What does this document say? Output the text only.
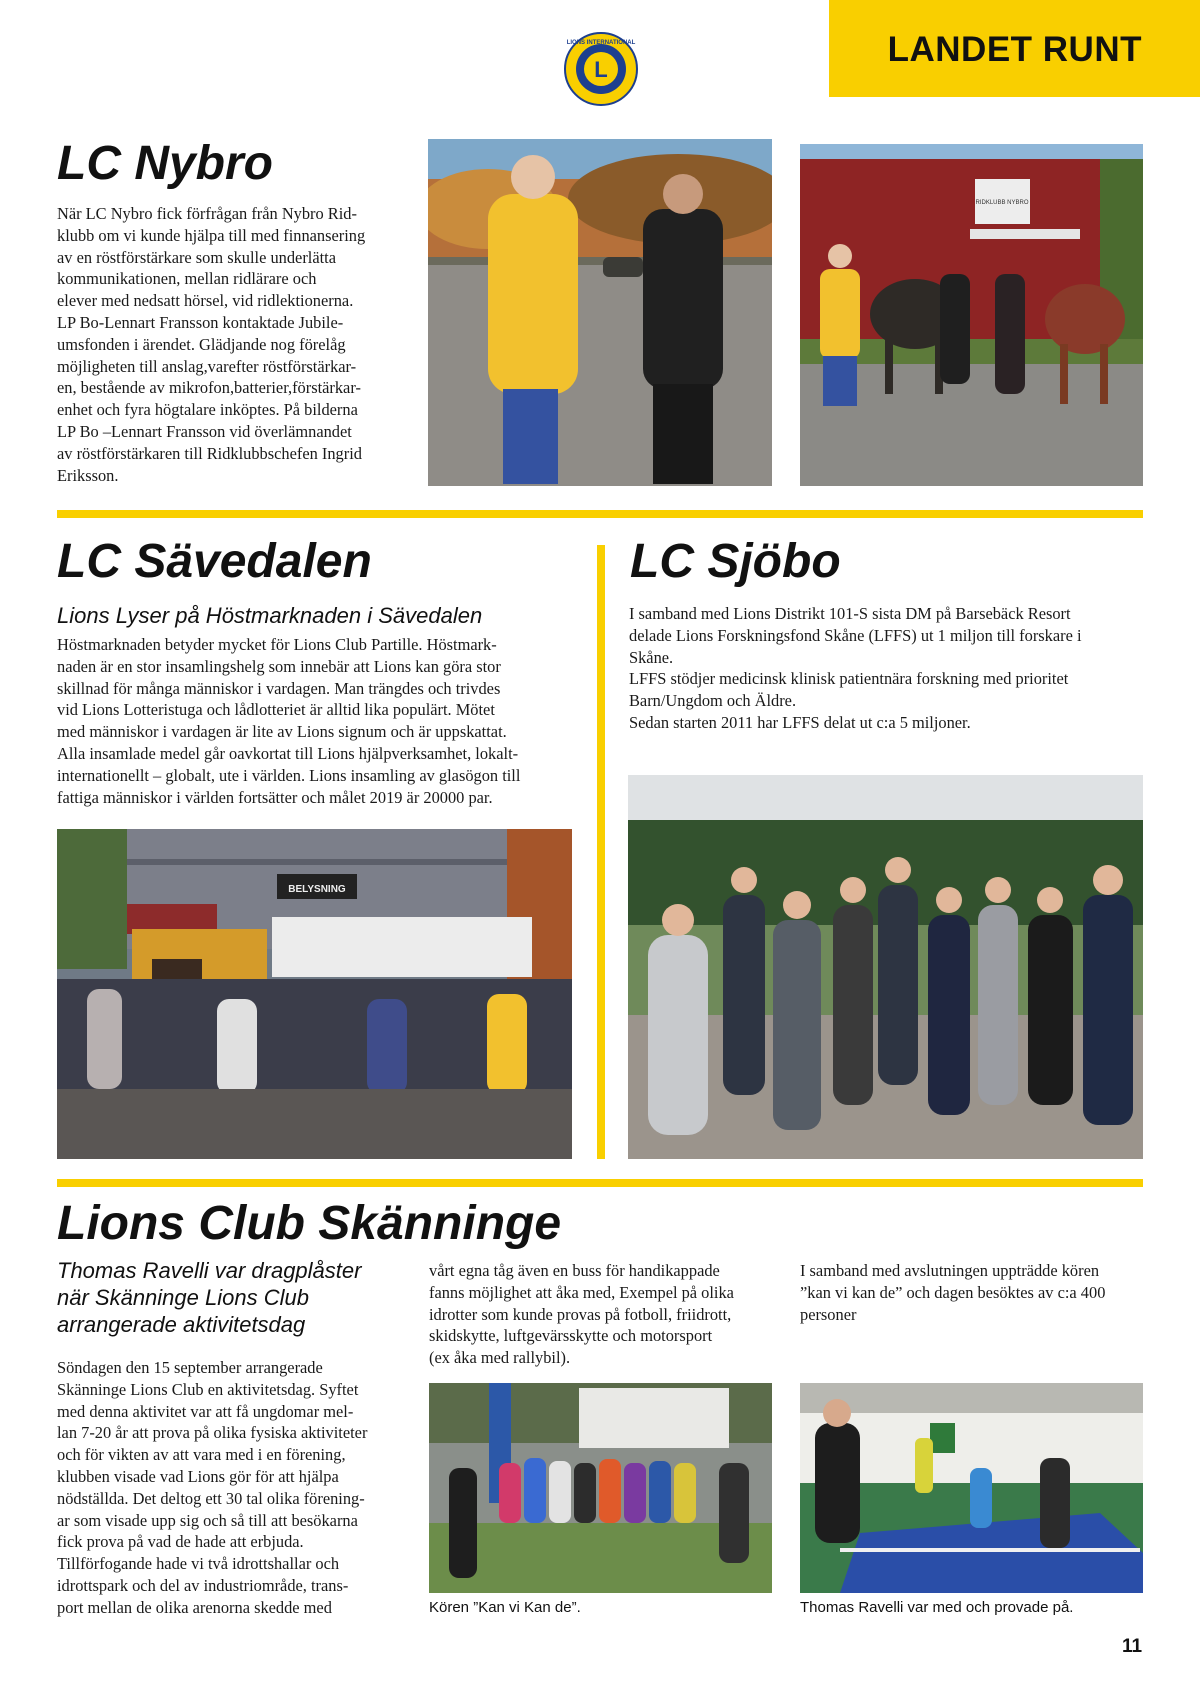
LANDET RUNT
L
LIONS INTERNATIONAL
LC Nybro
När LC Nybro fick förfrågan från Nybro Rid-
klubb om vi kunde hjälpa till med finnansering
av en röstförstärkare som skulle underlätta
kommunikationen, mellan ridlärare och
elever med nedsatt hörsel, vid ridlektionerna.
LP Bo-Lennart Fransson kontaktade Jubile-
umsfonden i ärendet. Glädjande nog förelåg
möjligheten till anslag,varefter röstförstärkar-
en, bestående av mikrofon,batterier,förstärkar-
enhet och fyra högtalare inköptes. På bilderna
LP Bo –Lennart Fransson vid överlämnandet
av röstförstärkaren till Ridklubbschefen Ingrid
Eriksson.
RIDKLUBB NYBRO
LC Sävedalen
Lions Lyser på Höstmarknaden i Sävedalen
Höstmarknaden betyder mycket för Lions Club Partille. Höstmark-
naden är en stor insamlingshelg som innebär att Lions kan göra stor
skillnad för många människor i vardagen. Man trängdes och trivdes
vid Lions Lotteristuga och lådlotteriet är alltid lika populärt. Mötet
med människor i vardagen är lite av Lions signum och är uppskattat.
Alla insamlade medel går oavkortat till Lions hjälpverksamhet, lokalt-
internationellt – globalt, ute i världen. Lions insamling av glasögon till
fattiga människor i världen fortsätter och målet 2019 är 20000 par.
BELYSNING
LC Sjöbo
I samband med Lions Distrikt 101-S sista DM på Barsebäck Resort
delade Lions Forskningsfond Skåne (LFFS) ut 1 miljon till forskare i
Skåne.
LFFS stödjer medicinsk klinisk patientnära forskning med prioritet
Barn/Ungdom och Äldre.
Sedan starten 2011 har LFFS delat ut c:a 5 miljoner.
Lions Club Skänninge
Thomas Ravelli var dragplåster
när Skänninge Lions Club
arrangerade aktivitetsdag
Söndagen den 15 september arrangerade
Skänninge Lions Club en aktivitetsdag. Syftet
med denna aktivitet var att få ungdomar mel-
lan 7-20 år att prova på olika fysiska aktiviteter
och för vikten av att vara med i en förening,
klubben visade vad Lions gör för att hjälpa
nödställda. Det deltog ett 30 tal olika förening-
ar som visade upp sig och så till att besökarna
fick prova på vad de hade att erbjuda.
Tillförfogande hade vi två idrottshallar och
idrottspark och del av industriområde, trans-
port mellan de olika arenorna skedde med
vårt egna tåg även en buss för handikappade
fanns möjlighet att åka med, Exempel på olika
idrotter som kunde provas på fotboll, friidrott,
skidskytte, luftgevärsskytte och motorsport
(ex åka med rallybil).
I samband med avslutningen uppträdde kören
”kan vi kan de” och dagen besöktes av c:a 400
personer
Kören ”Kan vi Kan de”.	Thomas Ravelli var med och provade på.
11
